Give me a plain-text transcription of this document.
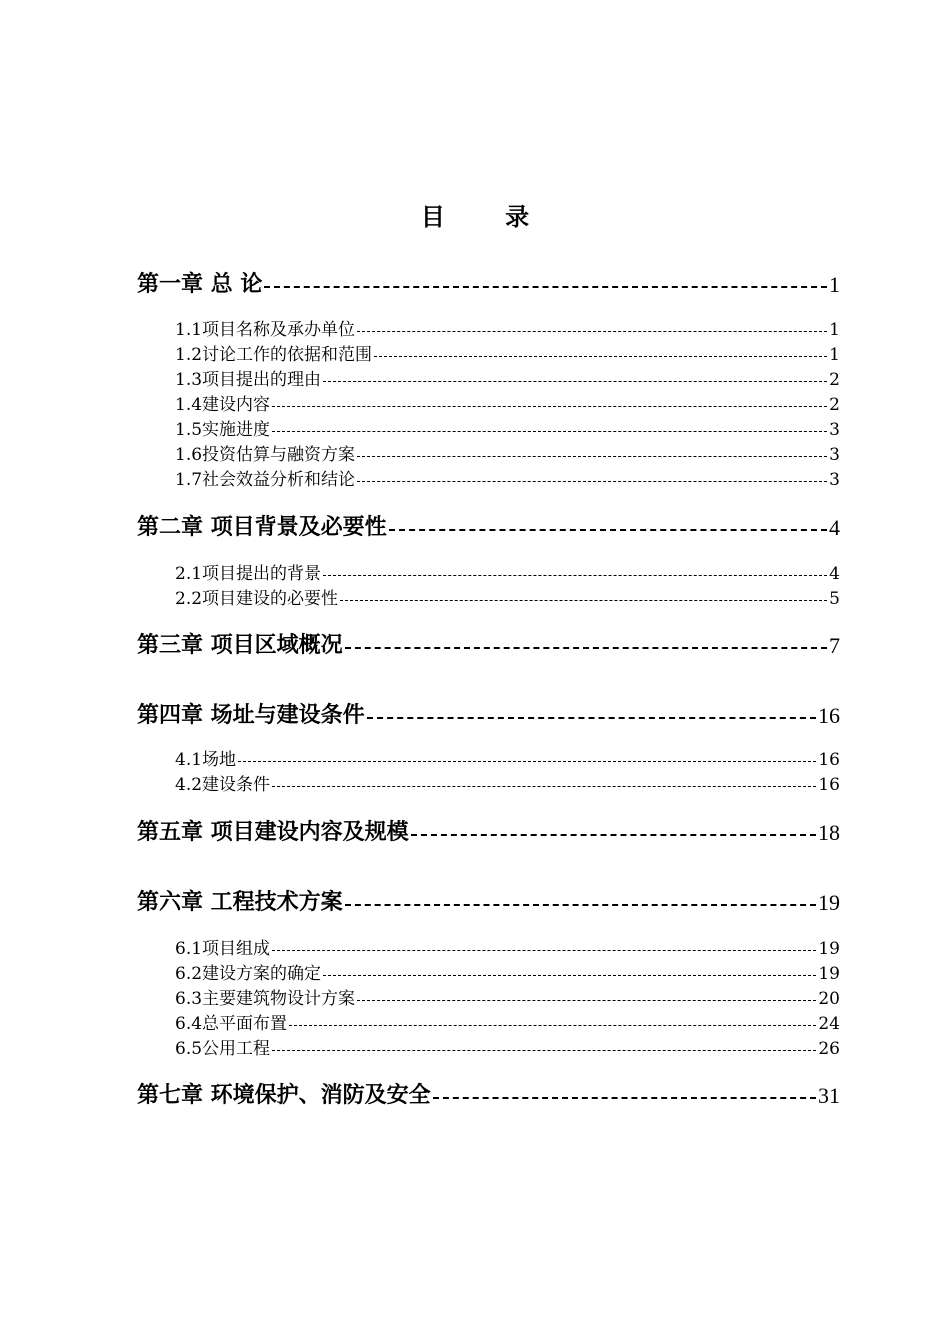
目 录
第一章 总 论	1
1.1项目名称及承办单位	1
1.2讨论工作的依据和范围	1
1.3项目提出的理由	2
1.4建设内容	2
1.5实施进度	3
1.6投资估算与融资方案	3
1.7社会效益分析和结论	3
第二章 项目背景及必要性	4
2.1项目提出的背景	4
2.2项目建设的必要性	5
第三章 项目区域概况	7
第四章 场址与建设条件	16
4.1场地	16
4.2建设条件	16
第五章 项目建设内容及规模	18
第六章 工程技术方案	19
6.1项目组成	19
6.2建设方案的确定	19
6.3主要建筑物设计方案	20
6.4总平面布置	24
6.5公用工程	26
第七章 环境保护、消防及安全	31
